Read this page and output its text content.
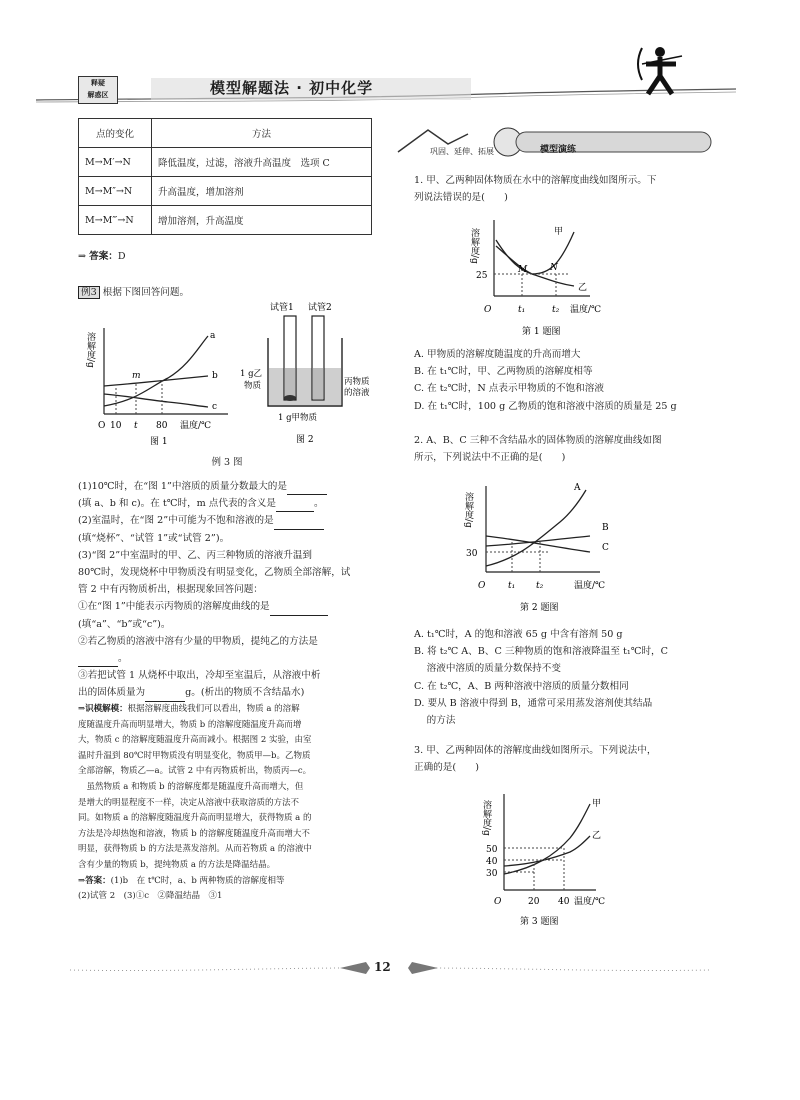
释疑
解惑区	模型解题法 · 初中化学
点的变化	方法
M→M′→N	降低温度，过滤，溶液升高温度　选项 C
M→M″→N	升高温度，增加溶剂
M→M‴→N	增加溶剂，升高温度
⇒ 答案：D
例3 根据下图回答问题。
溶解度/g	a
b
c
m
O 10 t 80 温度/℃
图 1
试管1 试管2
1 g乙
物质	丙物质
的溶液
1 g甲物质
图 2
例 3 图
(1)10℃时，在“图 1”中溶质的质量分数最大的是
(填 a、b 和 c)。在 t℃时，m 点代表的含义是	。
(2)室温时，在“图 2”中可能为不饱和溶液的是
(填“烧杯”、“试管 1”或“试管 2”)。
(3)“图 2”中室温时的甲、乙、丙三种物质的溶液升温到
80℃时，发现烧杯中甲物质没有明显变化，乙物质全部溶解，试
管 2 中有丙物质析出，根据现象回答问题：
①在“图 1”中能表示丙物质的溶解度曲线的是
(填“a”、“b”或“c”)。
②若乙物质的溶液中溶有少量的甲物质，提纯乙的方法是
。
③若把试管 1 从烧杯中取出，冷却至室温后，从溶液中析
出的固体质量为	g。(析出的物质不含结晶水)
⇒识模解模：根据溶解度曲线我们可以看出，物质 a 的溶解
度随温度升高而明显增大，物质 b 的溶解度随温度升高而增
大，物质 c 的溶解度随温度升高而减小。根据图 2 实验，由室
温时升温到 80℃时甲物质没有明显变化，物质甲—b。乙物质
全部溶解，物质乙—a。试管 2 中有丙物质析出，物质丙—c。
　虽然物质 a 和物质 b 的溶解度都是随温度升高而增大，但
是增大的明显程度不一样，决定从溶液中获取溶质的方法不
同。如物质 a 的溶解度随温度升高而明显增大，获得物质 a 的
方法是冷却热饱和溶液，物质 b 的溶解度随温度升高而增大不
明显，获得物质 b 的方法是蒸发溶剂。从而若物质 a 的溶液中
含有少量的物质 b，提纯物质 a 的方法是降温结晶。
⇒答案：(1)b　在 t℃时，a、b 两种物质的溶解度相等
(2)试管 2　(3)①c　②降温结晶　③1
巩固、延伸、拓展	模型演练
1. 甲、乙两种固体物质在水中的溶解度曲线如图所示。下
列说法错误的是(　　)
溶解度/g	甲
乙
M	N
25
O	t₁	t₂ 温度/℃
第 1 题图
A. 甲物质的溶解度随温度的升高而增大
B. 在 t₁℃时，甲、乙两物质的溶解度相等
C. 在 t₂℃时，N 点表示甲物质的不饱和溶液
D. 在 t₁℃时，100 g 乙物质的饱和溶液中溶质的质量是 25 g
2. A、B、C 三种不含结晶水的固体物质的溶解度曲线如图
所示，下列说法中不正确的是(　　)
溶解度/g
A
B
C
30
O	t₁ t₂	温度/℃
第 2 题图
A. t₁℃时，A 的饱和溶液 65 g 中含有溶剂 50 g
B. 将 t₂℃ A、B、C 三种物质的饱和溶液降温至 t₁℃时，C
　 溶液中溶质的质量分数保持不变
C. 在 t₂℃，A、B 两种溶液中溶质的质量分数相同
D. 要从 B 溶液中得到 B，通常可采用蒸发溶剂使其结晶
　 的方法
3. 甲、乙两种固体的溶解度曲线如图所示。下列说法中，
正确的是(　　)
溶解度/g	甲
乙
50
40
30
O	20 40 温度/℃
第 3 题图
12
